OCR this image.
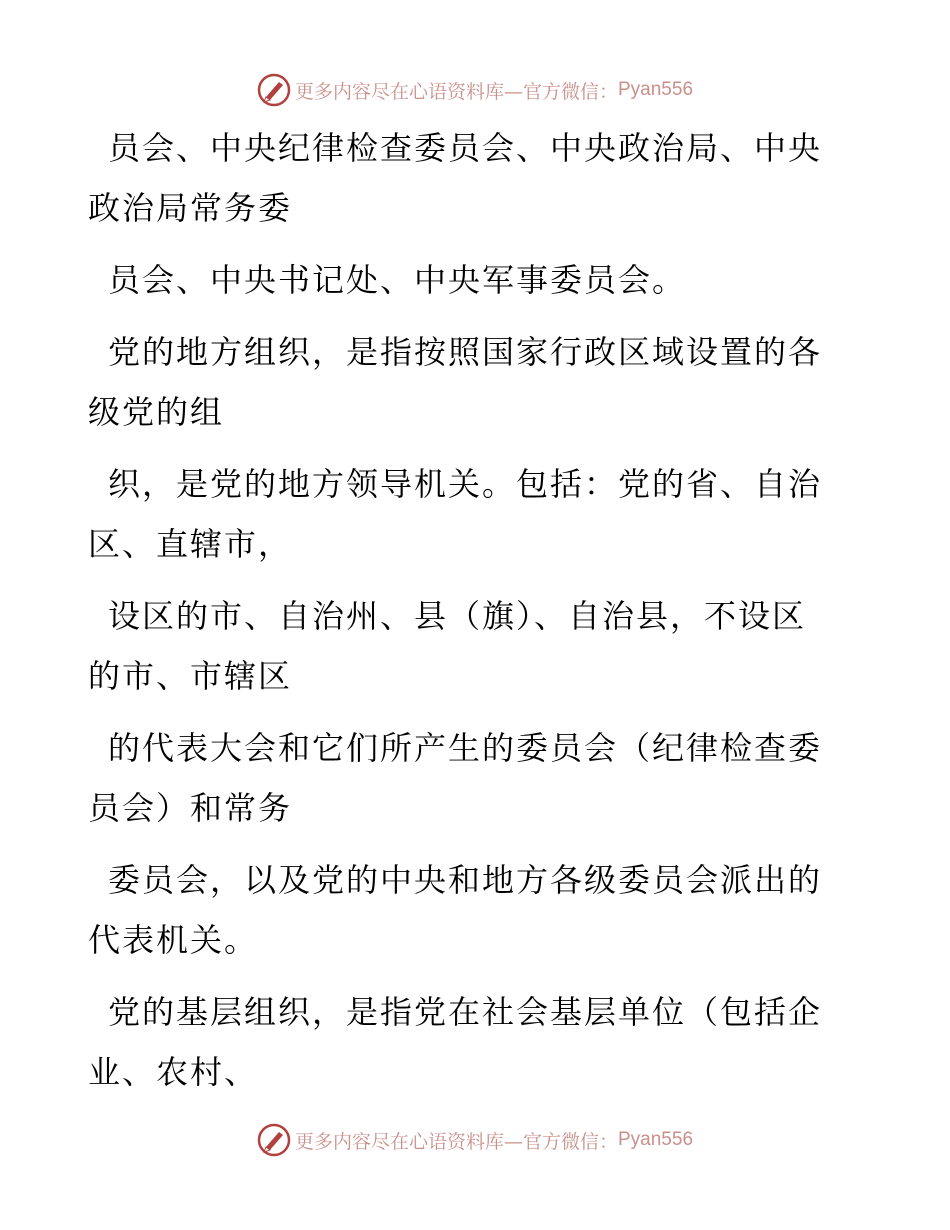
更多内容尽在心语资料库—官方微信： Pyan556

员会、中央纪律检查委员会、中央政治局、中央
政治局常务委

员会、中央书记处、中央军事委员会。

党的地方组织，是指按照国家行政区域设置的各
级党的组

织，是党的地方领导机关。包括：党的省、自治
区、直辖市，

设区的市、自治州、县（旗）、自治县，不设区
的市、市辖区

的代表大会和它们所产生的委员会（纪律检查委
员会）和常务

委员会，以及党的中央和地方各级委员会派出的
代表机关。

党的基层组织，是指党在社会基层单位（包括企
业、农村、

更多内容尽在心语资料库—官方微信： Pyan556
